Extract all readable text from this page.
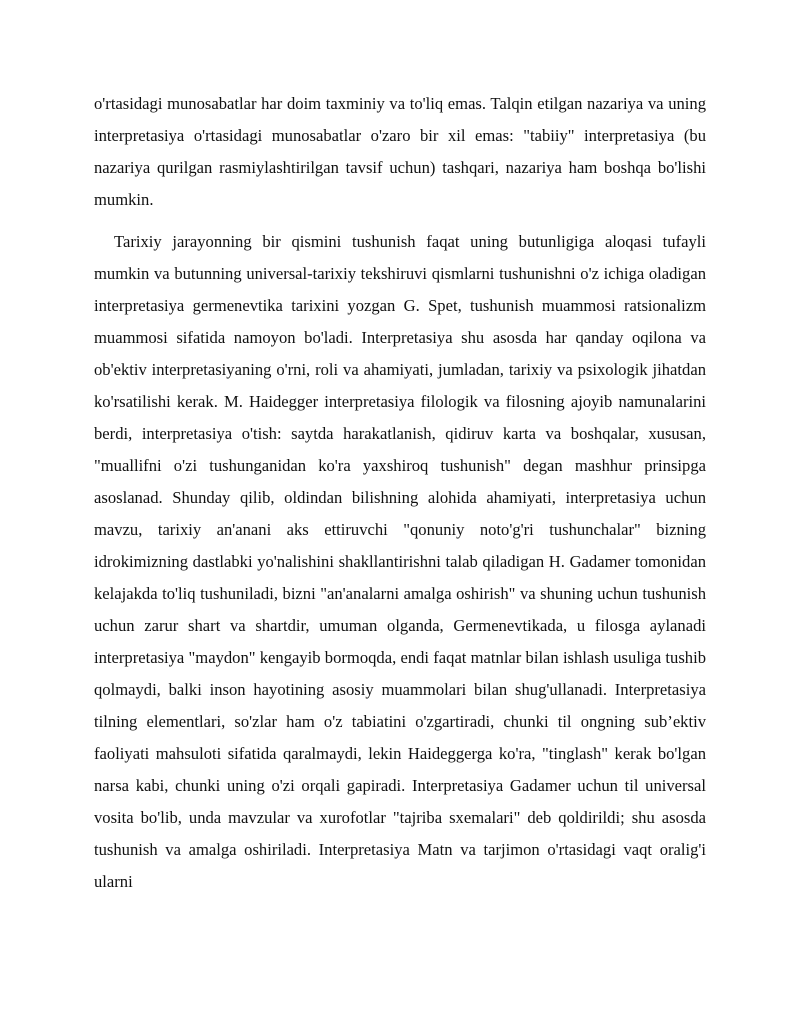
o'rtasidagi munosabatlar har doim taxminiy va to'liq emas. Talqin etilgan nazariya va uning interpretasiya o'rtasidagi munosabatlar o'zaro bir xil emas: "tabiiy" interpretasiya (bu nazariya qurilgan rasmiylashtirilgan tavsif uchun) tashqari, nazariya ham boshqa bo'lishi mumkin.

Tarixiy jarayonning bir qismini tushunish faqat uning butunligiga aloqasi tufayli mumkin va butunning universal-tarixiy tekshiruvi qismlarni tushunishni o'z ichiga oladigan interpretasiya germenevtika tarixini yozgan G. Spet, tushunish muammosi ratsionalizm muammosi sifatida namoyon bo'ladi. Interpretasiya shu asosda har qanday oqilona va ob'ektiv interpretasiyaning o'rni, roli va ahamiyati, jumladan, tarixiy va psixologik jihatdan ko'rsatilishi kerak. M. Haidegger interpretasiya filologik va filosning ajoyib namunalarini berdi, interpretasiya o'tish: saytda harakatlanish, qidiruv karta va boshqalar, xususan, "muallifni o'zi tushunganidan ko'ra yaxshiroq tushunish" degan mashhur prinsipga asoslanad. Shunday qilib, oldindan bilishning alohida ahamiyati, interpretasiya uchun mavzu, tarixiy an'anani aks ettiruvchi "qonuniy noto'g'ri tushunchalar" bizning idrokimizning dastlabki yo'nalishini shakllantirishni talab qiladigan H. Gadamer tomonidan kelajakda to'liq tushuniladi, bizni "an'analarni amalga oshirish" va shuning uchun tushunish uchun zarur shart va shartdir, umuman olganda, Germenevtikada, u filosga aylanadi interpretasiya "maydon" kengayib bormoqda, endi faqat matnlar bilan ishlash usuliga tushib qolmaydi, balki inson hayotining asosiy muammolari bilan shug'ullanadi. Interpretasiya tilning elementlari, so'zlar ham o'z tabiatini o'zgartiradi, chunki til ongning sub’ektiv faoliyati mahsuloti sifatida qaralmaydi, lekin Haideggerga ko'ra, "tinglash" kerak bo'lgan narsa kabi, chunki uning o'zi orqali gapiradi. Interpretasiya Gadamer uchun til universal vosita bo'lib, unda mavzular va xurofotlar "tajriba sxemalari" deb qoldirildi; shu asosda tushunish va amalga oshiriladi. Interpretasiya Matn va tarjimon o'rtasidagi vaqt oralig'i ularni
